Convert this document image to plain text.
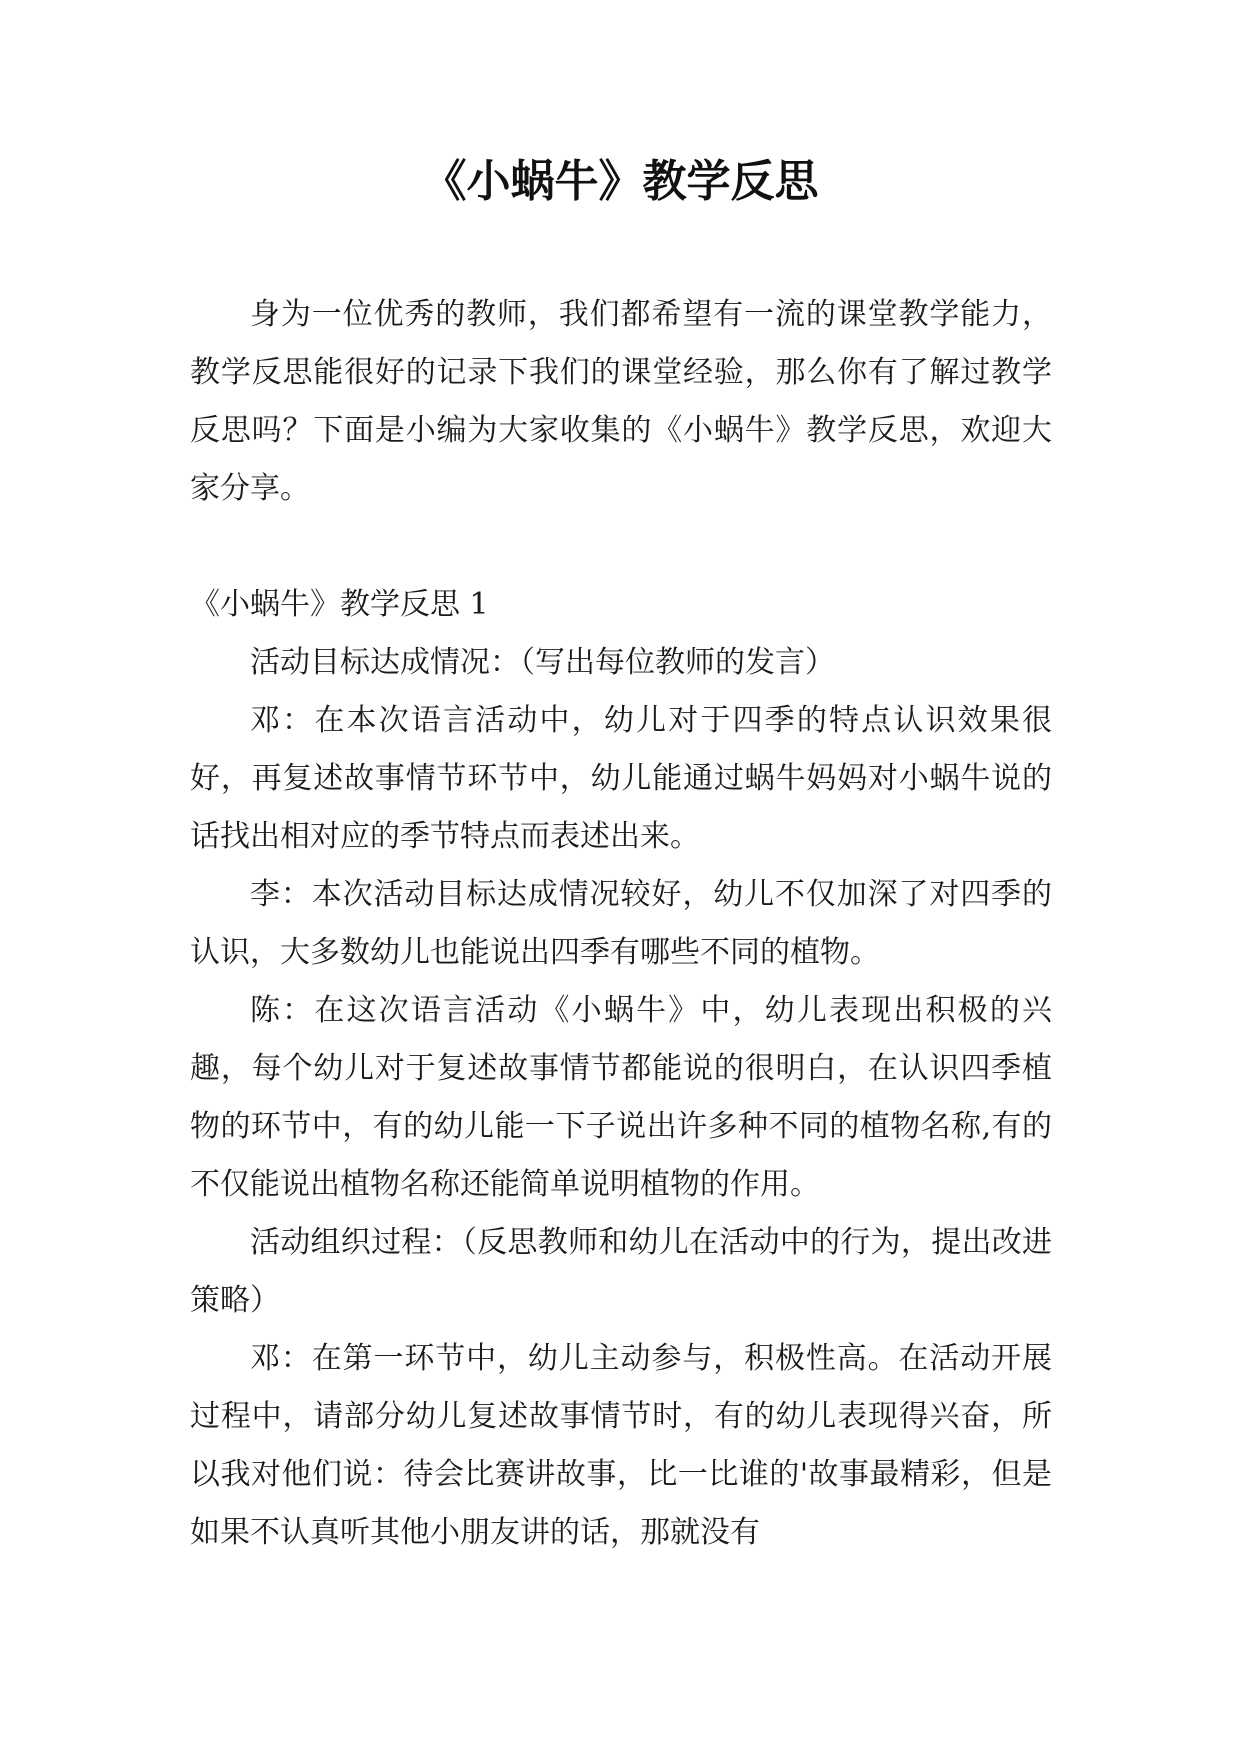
《小蜗牛》教学反思

身为一位优秀的教师，我们都希望有一流的课堂教学能力，教学反思能很好的记录下我们的课堂经验，那么你有了解过教学反思吗？下面是小编为大家收集的《小蜗牛》教学反思，欢迎大家分享。

《小蜗牛》教学反思 1

活动目标达成情况：（写出每位教师的发言）

邓：在本次语言活动中，幼儿对于四季的特点认识效果很好，再复述故事情节环节中，幼儿能通过蜗牛妈妈对小蜗牛说的话找出相对应的季节特点而表述出来。

李：本次活动目标达成情况较好，幼儿不仅加深了对四季的认识，大多数幼儿也能说出四季有哪些不同的植物。

陈：在这次语言活动《小蜗牛》中，幼儿表现出积极的兴趣，每个幼儿对于复述故事情节都能说的很明白，在认识四季植物的环节中，有的幼儿能一下子说出许多种不同的植物名称,有的不仅能说出植物名称还能简单说明植物的作用。

活动组织过程：（反思教师和幼儿在活动中的行为，提出改进策略）

邓：在第一环节中，幼儿主动参与，积极性高。在活动开展过程中，请部分幼儿复述故事情节时，有的幼儿表现得兴奋，所以我对他们说：待会比赛讲故事，比一比谁的'故事最精彩，但是如果不认真听其他小朋友讲的话，那就没有
